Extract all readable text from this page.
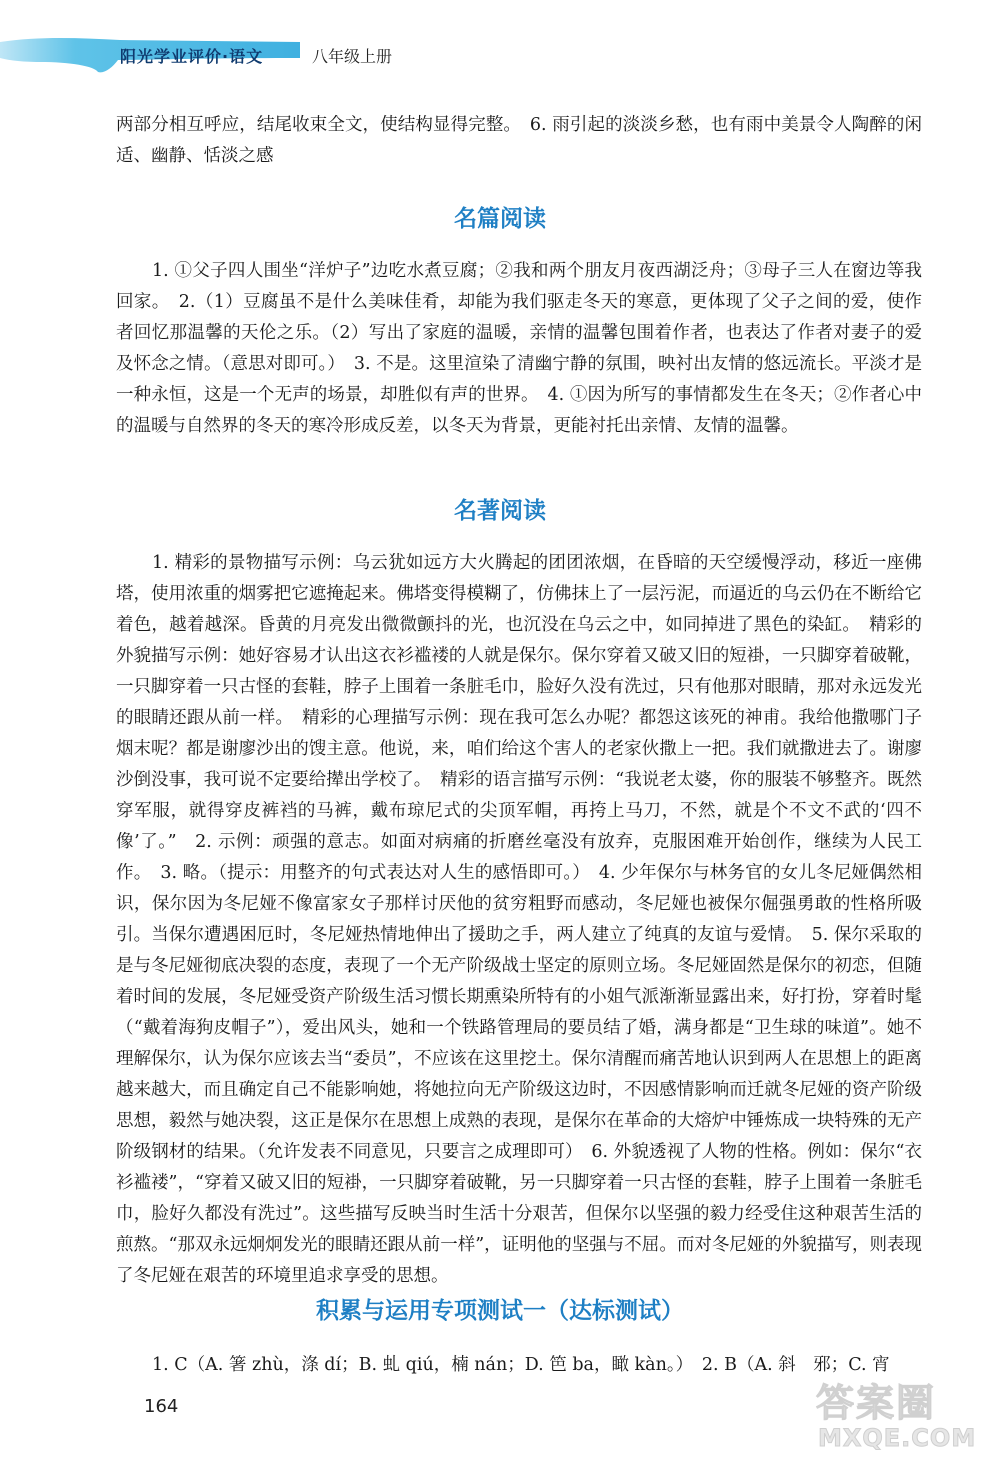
阳光学业评价·语文	八年级上册

两部分相互呼应，结尾收束全文，使结构显得完整。　6. 雨引起的淡淡乡愁，也有雨中美景令人陶醉的闲适、幽静、恬淡之感

名篇阅读

1. ①父子四人围坐“洋炉子”边吃水煮豆腐；②我和两个朋友月夜西湖泛舟；③母子三人在窗边等我回家。　2.（1）豆腐虽不是什么美味佳肴，却能为我们驱走冬天的寒意，更体现了父子之间的爱，使作者回忆那温馨的天伦之乐。（2）写出了家庭的温暖，亲情的温馨包围着作者，也表达了作者对妻子的爱及怀念之情。（意思对即可。）　3. 不是。这里渲染了清幽宁静的氛围，映衬出友情的悠远流长。平淡才是一种永恒，这是一个无声的场景，却胜似有声的世界。　4. ①因为所写的事情都发生在冬天；②作者心中的温暖与自然界的冬天的寒冷形成反差，以冬天为背景，更能衬托出亲情、友情的温馨。

名著阅读

1. 精彩的景物描写示例：乌云犹如远方大火腾起的团团浓烟，在昏暗的天空缓慢浮动，移近一座佛塔，使用浓重的烟雾把它遮掩起来。佛塔变得模糊了，仿佛抹上了一层污泥，而逼近的乌云仍在不断给它着色，越着越深。昏黄的月亮发出微微颤抖的光，也沉没在乌云之中，如同掉进了黑色的染缸。　精彩的外貌描写示例：她好容易才认出这衣衫褴褛的人就是保尔。保尔穿着又破又旧的短褂，一只脚穿着破靴，一只脚穿着一只古怪的套鞋，脖子上围着一条脏毛巾，脸好久没有洗过，只有他那对眼睛，那对永远发光的眼睛还跟从前一样。　精彩的心理描写示例：现在我可怎么办呢？都怨这该死的神甫。我给他撒哪门子烟末呢？都是谢廖沙出的馊主意。他说，来，咱们给这个害人的老家伙撒上一把。我们就撒进去了。谢廖沙倒没事，我可说不定要给撵出学校了。　精彩的语言描写示例：“我说老太婆，你的服装不够整齐。既然穿军服，就得穿皮裤裆的马裤，戴布琼尼式的尖顶军帽，再挎上马刀，不然，就是个不文不武的‘四不像’了。”　2. 示例：顽强的意志。如面对病痛的折磨丝毫没有放弃，克服困难开始创作，继续为人民工作。　3. 略。（提示：用整齐的句式表达对人生的感悟即可。）　4. 少年保尔与林务官的女儿冬尼娅偶然相识，保尔因为冬尼娅不像富家女子那样讨厌他的贫穷粗野而感动，冬尼娅也被保尔倔强勇敢的性格所吸引。当保尔遭遇困厄时，冬尼娅热情地伸出了援助之手，两人建立了纯真的友谊与爱情。　5. 保尔采取的是与冬尼娅彻底决裂的态度，表现了一个无产阶级战士坚定的原则立场。冬尼娅固然是保尔的初恋，但随着时间的发展，冬尼娅受资产阶级生活习惯长期熏染所特有的小姐气派渐渐显露出来，好打扮，穿着时髦（“戴着海狗皮帽子”），爱出风头，她和一个铁路管理局的要员结了婚，满身都是“卫生球的味道”。她不理解保尔，认为保尔应该去当“委员”，不应该在这里挖土。保尔清醒而痛苦地认识到两人在思想上的距离越来越大，而且确定自己不能影响她，将她拉向无产阶级这边时，不因感情影响而迁就冬尼娅的资产阶级思想，毅然与她决裂，这正是保尔在思想上成熟的表现，是保尔在革命的大熔炉中锤炼成一块特殊的无产阶级钢材的结果。（允许发表不同意见，只要言之成理即可）　6. 外貌透视了人物的性格。例如：保尔“衣衫褴褛”，“穿着又破又旧的短褂，一只脚穿着破靴，另一只脚穿着一只古怪的套鞋，脖子上围着一条脏毛巾，脸好久都没有洗过”。这些描写反映当时生活十分艰苦，但保尔以坚强的毅力经受住这种艰苦生活的煎熬。“那双永远炯炯发光的眼睛还跟从前一样”，证明他的坚强与不屈。而对冬尼娅的外貌描写，则表现了冬尼娅在艰苦的环境里追求享受的思想。

积累与运用专项测试一（达标测试）

1. C（A. 箸 zhù，涤 dí；B. 虬 qiú，楠 nán；D. 笆 ba，瞰 kàn。）　2. B（A. 斜　邪；C. 宵

164	答案圈
MXQE.COM
